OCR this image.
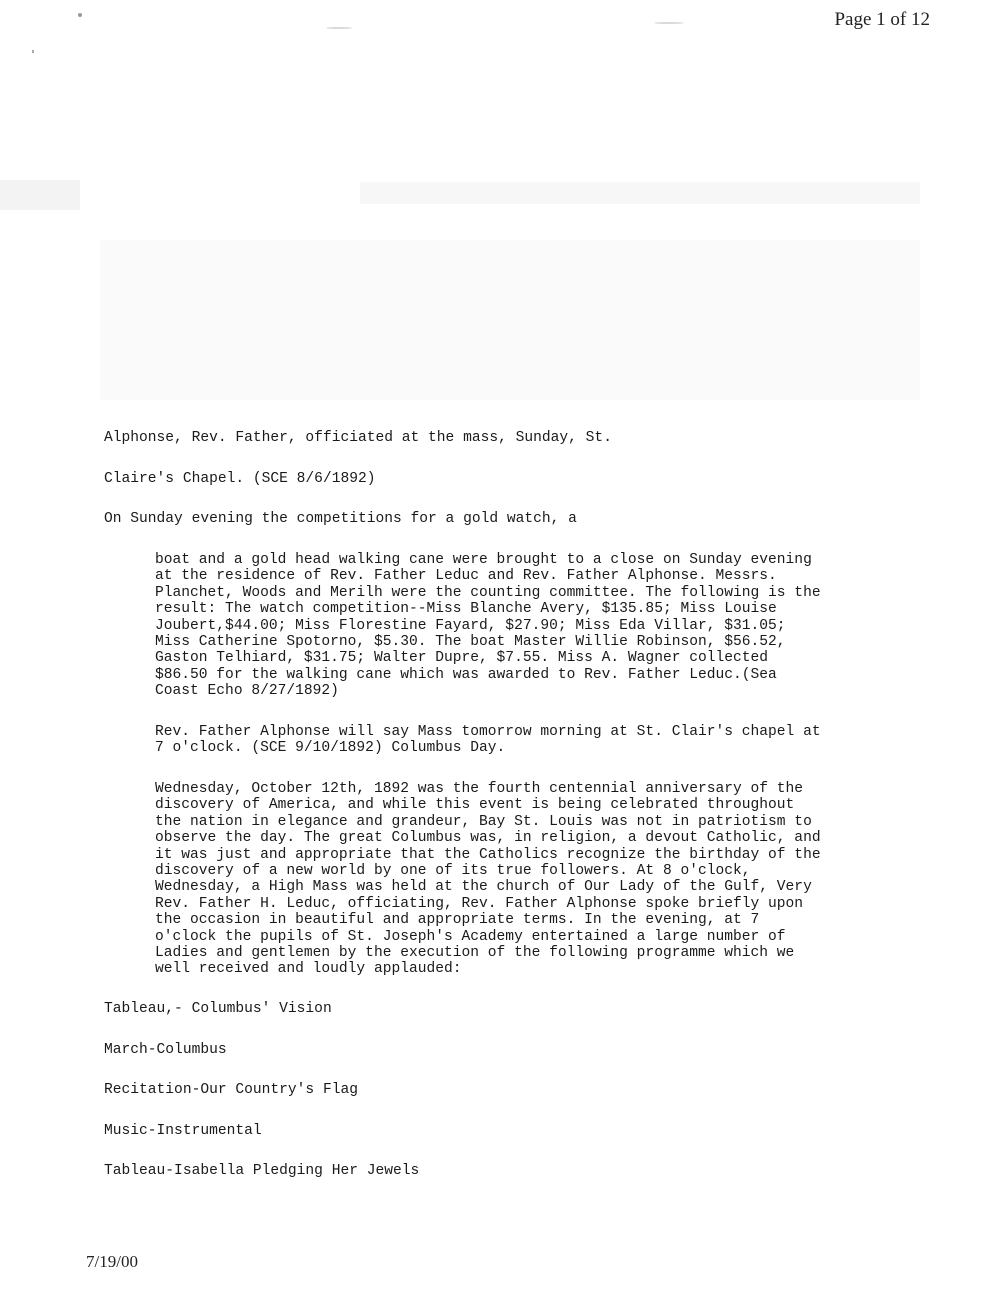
Page 1 of 12
Alphonse, Rev. Father, officiated at the mass, Sunday, St.
Claire's Chapel. (SCE 8/6/1892)
On Sunday evening the competitions for a gold watch, a
boat and a gold head walking cane were brought to a close on Sunday evening
at the residence of Rev. Father Leduc and Rev. Father Alphonse. Messrs.
Planchet, Woods and Merilh were the counting committee. The following is the
result: The watch competition--Miss Blanche Avery, $135.85; Miss Louise
Joubert,$44.00; Miss Florestine Fayard, $27.90; Miss Eda Villar, $31.05;
Miss Catherine Spotorno, $5.30. The boat Master Willie Robinson, $56.52,
Gaston Telhiard, $31.75; Walter Dupre, $7.55. Miss A. Wagner collected
$86.50 for the walking cane which was awarded to Rev. Father Leduc.(Sea
Coast Echo 8/27/1892)
Rev. Father Alphonse will say Mass tomorrow morning at St. Clair's chapel at
7 o'clock. (SCE 9/10/1892) Columbus Day.
Wednesday, October 12th, 1892 was the fourth centennial anniversary of the
discovery of America, and while this event is being celebrated throughout
the nation in elegance and grandeur, Bay St. Louis was not in patriotism to
observe the day. The great Columbus was, in religion, a devout Catholic, and
it was just and appropriate that the Catholics recognize the birthday of the
discovery of a new world by one of its true followers. At 8 o'clock,
Wednesday, a High Mass was held at the church of Our Lady of the Gulf, Very
Rev. Father H. Leduc, officiating, Rev. Father Alphonse spoke briefly upon
the occasion in beautiful and appropriate terms. In the evening, at 7
o'clock the pupils of St. Joseph's Academy entertained a large number of
Ladies and gentlemen by the execution of the following programme which we
well received and loudly applauded:
Tableau,- Columbus' Vision
March-Columbus
Recitation-Our Country's Flag
Music-Instrumental
Tableau-Isabella Pledging Her Jewels
7/19/00
